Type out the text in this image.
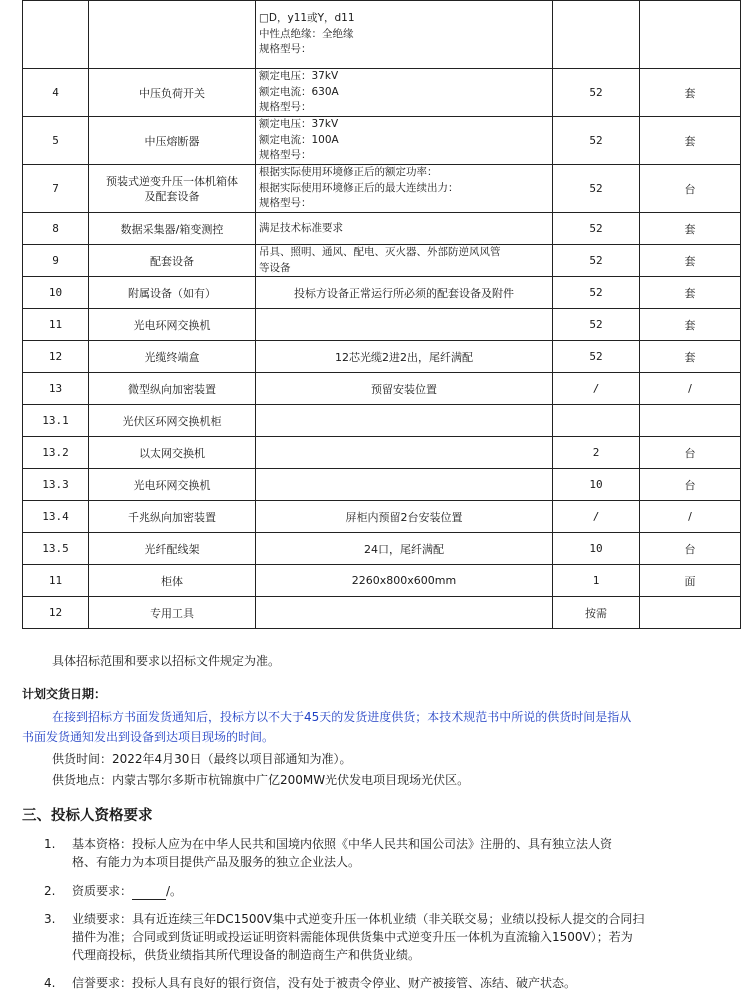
		□D，y11或Y，d11
中性点绝缘：全绝缘
规格型号：		

4	中压负荷开关	额定电压：37kV
额定电流：630A
规格型号：	52	套
5	中压熔断器	额定电压：37kV
额定电流：100A
规格型号：	52	套
7	预装式逆变升压一体机箱体
及配套设备	根据实际使用环境修正后的额定功率：
根据实际使用环境修正后的最大连续出力：
规格型号：	52	台
8	数据采集器/箱变测控	满足技术标准要求	52	套
9	配套设备	吊具、照明、通风、配电、灭火器、外部防逆风风管
等设备	52	套
10	附属设备（如有）	投标方设备正常运行所必须的配套设备及附件	52	套
11	光电环网交换机		52	套
12	光缆终端盒	12芯光缆2进2出，尾纤满配	52	套
13	微型纵向加密装置	预留安装位置	/	/
13.1	光伏区环网交换机柜			
13.2	以太网交换机		2	台
13.3	光电环网交换机		10	台
13.4	千兆纵向加密装置	屏柜内预留2台安装位置	/	/
13.5	光纤配线架	24口，尾纤满配	10	台
11	柜体	2260x800x600mm	1	面
12	专用工具		按需	
具体招标范围和要求以招标文件规定为准。
计划交货日期：
在接到招标方书面发货通知后，投标方以不大于45天的发货进度供货；本技术规范书中所说的供货时间是指从
书面发货通知发出到设备到达项目现场的时间。
供货时间：2022年4月30日（最终以项目部通知为准）。
供货地点：内蒙古鄂尔多斯市杭锦旗中广亿200MW光伏发电项目现场光伏区。
三、投标人资格要求
1.	基本资格：投标人应为在中华人民共和国境内依照《中华人民共和国公司法》注册的、具有独立法人资
格、有能力为本项目提供产品及服务的独立企业法人。
2.	资质要求：	/。
3.	业绩要求：具有近连续三年DC1500V集中式逆变升压一体机业绩（非关联交易；业绩以投标人提交的合同扫
描件为准；合同或到货证明或投运证明资料需能体现供货集中式逆变升压一体机为直流输入1500V）；若为
代理商投标，供货业绩指其所代理设备的制造商生产和供货业绩。
4.	信誉要求：投标人具有良好的银行资信，没有处于被责令停业、财产被接管、冻结、破产状态。
